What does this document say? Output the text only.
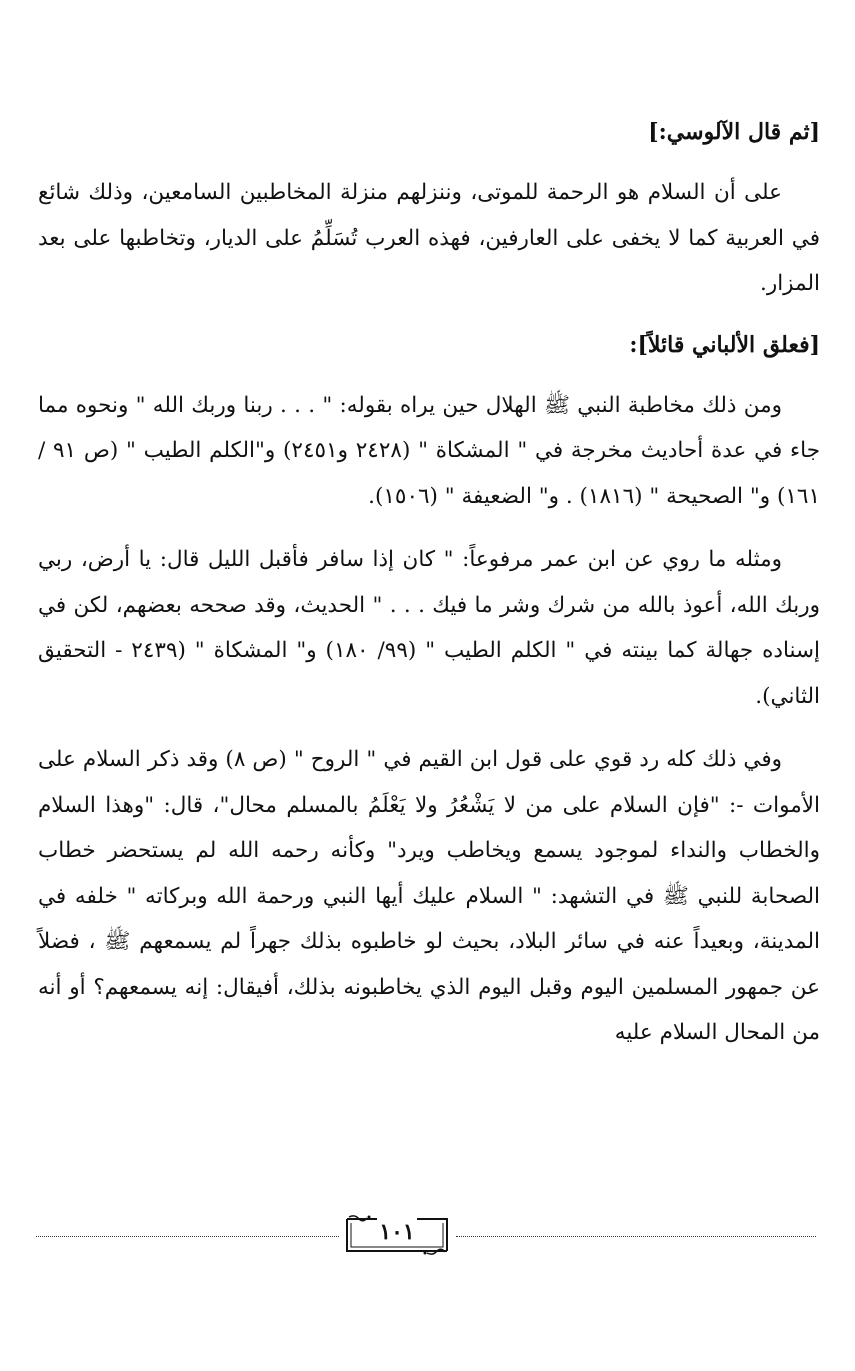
[ثم قال الآلوسي:]

على أن السلام هو الرحمة للموتى، وننزلهم منزلة المخاطبين السامعين، وذلك شائع في العربية كما لا يخفى على العارفين، فهذه العرب تُسَلِّمُ على الديار، وتخاطبها على بعد المزار.

[فعلق الألباني قائلاً]:

ومن ذلك مخاطبة النبي ﷺ الهلال حين يراه بقوله: " . . . ربنا وربك الله " ونحوه مما جاء في عدة أحاديث مخرجة في " المشكاة " (٢٤٢٨ و٢٤٥١) و"الكلم الطيب " (ص ٩١ / ١٦١) و" الصحيحة " (١٨١٦) . و" الضعيفة " (١٥٠٦).

ومثله ما روي عن ابن عمر مرفوعاً: " كان إذا سافر فأقبل الليل قال: يا أرض، ربي وربك الله، أعوذ بالله من شرك وشر ما فيك . . . " الحديث، وقد صححه بعضهم، لكن في إسناده جهالة كما بينته في " الكلم الطيب " (٩٩/ ١٨٠) و" المشكاة " (٢٤٣٩ - التحقيق الثاني).

وفي ذلك كله رد قوي على قول ابن القيم في " الروح " (ص ٨) وقد ذكر السلام على الأموات -: "فإن السلام على من لا يَشْعُرُ ولا يَعْلَمُ بالمسلم محال"، قال: "وهذا السلام والخطاب والنداء لموجود يسمع ويخاطب ويرد" وكأنه رحمه الله لم يستحضر خطاب الصحابة للنبي ﷺ في التشهد: " السلام عليك أيها النبي ورحمة الله وبركاته " خلفه في المدينة، وبعيداً عنه في سائر البلاد، بحيث لو خاطبوه بذلك جهراً لم يسمعهم ﷺ ، فضلاً عن جمهور المسلمين اليوم وقبل اليوم الذي يخاطبونه بذلك، أفيقال: إنه يسمعهم؟ أو أنه من المحال السلام عليه

١٠١
